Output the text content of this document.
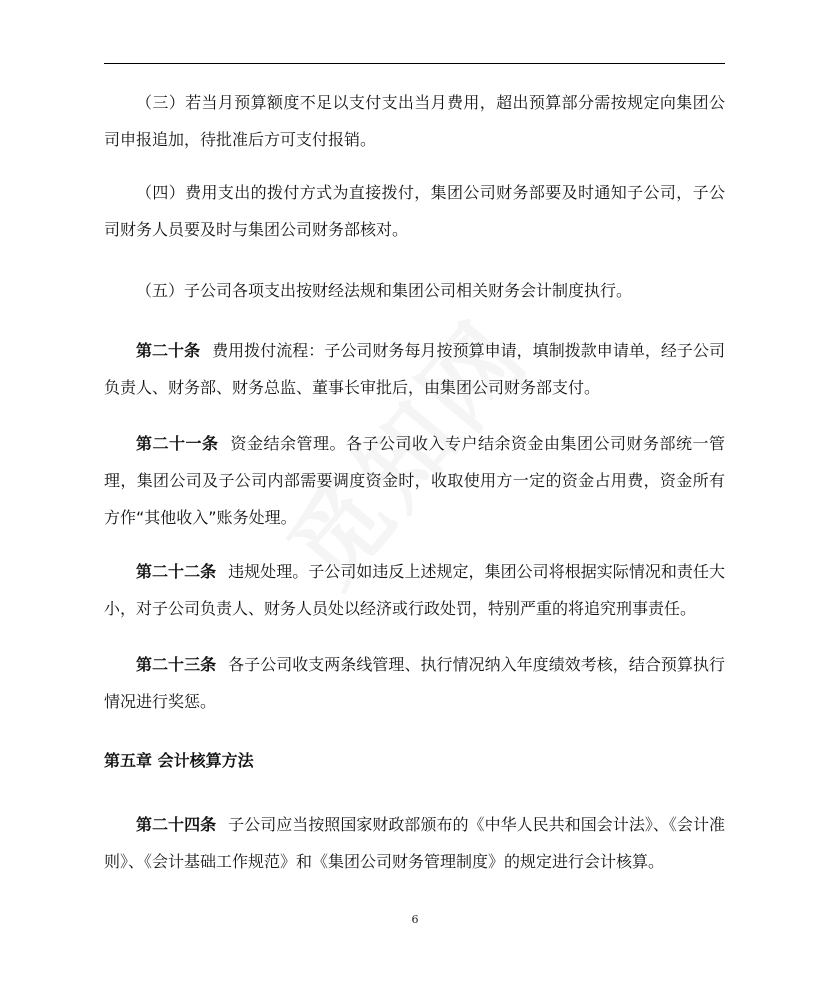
（三）若当月预算额度不足以支付支出当月费用，超出预算部分需按规定向集团公司申报追加，待批准后方可支付报销。

（四）费用支出的拨付方式为直接拨付，集团公司财务部要及时通知子公司，子公司财务人员要及时与集团公司财务部核对。

（五）子公司各项支出按财经法规和集团公司相关财务会计制度执行。

第二十条 费用拨付流程：子公司财务每月按预算申请，填制拨款申请单，经子公司负责人、财务部、财务总监、董事长审批后，由集团公司财务部支付。

第二十一条 资金结余管理。各子公司收入专户结余资金由集团公司财务部统一管理，集团公司及子公司内部需要调度资金时，收取使用方一定的资金占用费，资金所有方作“其他收入”账务处理。

第二十二条 违规处理。子公司如违反上述规定，集团公司将根据实际情况和责任大小，对子公司负责人、财务人员处以经济或行政处罚，特别严重的将追究刑事责任。

第二十三条 各子公司收支两条线管理、执行情况纳入年度绩效考核，结合预算执行情况进行奖惩。

第五章 会计核算方法

第二十四条 子公司应当按照国家财政部颁布的《中华人民共和国会计法》、《会计准则》、《会计基础工作规范》和《集团公司财务管理制度》的规定进行会计核算。

6
